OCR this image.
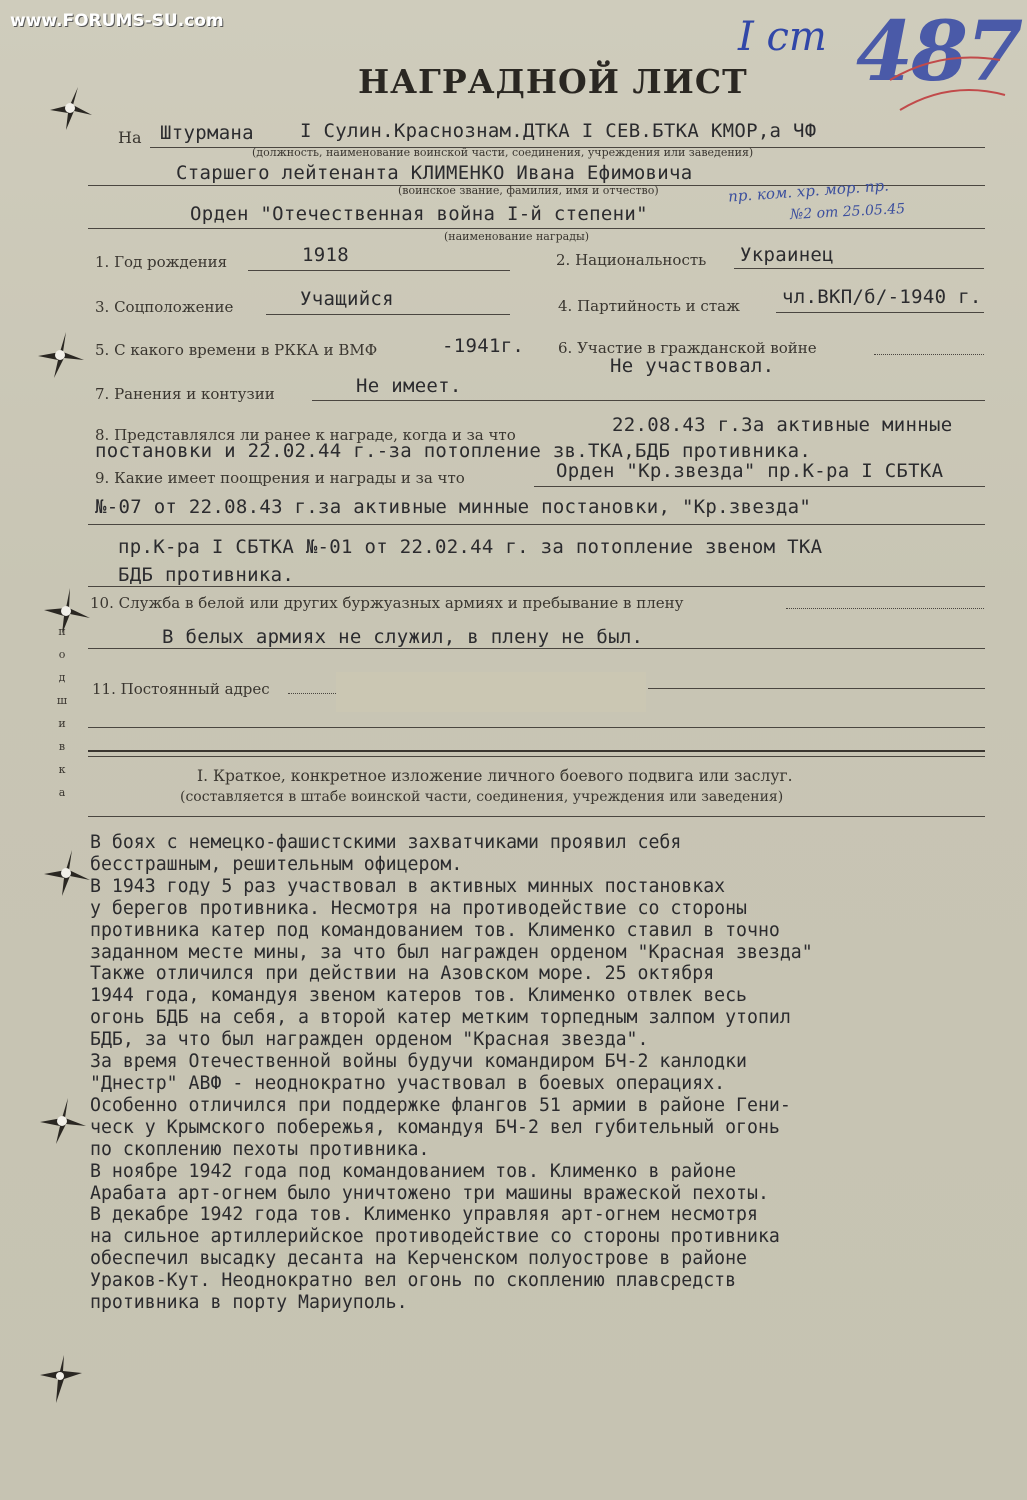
www.FORUMS-SU.com	I ст 487
НАГРАДНОЙ ЛИСТ
На Штурмана I Сулин.Краснознам.ДТКА I СЕВ.БТКА КМОР,а ЧФ
(должность, наименование воинской части, соединения, учреждения или заведения)
Старшего лейтенанта КЛИМЕНКО Ивана Ефимовича
(воинское звание, фамилия, имя и отчество)	пр. ком. хр. мор. пр.
Орден "Отечественная война I-й степени"	№2 от 25.05.45
(наименование награды)
1. Год рождения	1918	2. Национальность Украинец
3. Соцположение	Учащийся	4. Партийность и стаж чл.ВКП/б/-1940 г.
5. С какого времени в РККА и ВМФ	-1941г. 6. Участие в гражданской войне
Не участвовал.
7. Ранения и контузии	Не имеет.
8. Представлялся ли ранее к награде, когда и за что	22.08.43 г.За активные минные
постановки и 22.02.44 г.-за потопление зв.ТКА,БДБ противника.
9. Какие имеет поощрения и награды и за что	Орден "Кр.звезда" пр.К-ра I СБТКА
№-07 от 22.08.43 г.за активные минные постановки, "Кр.звезда"
пр.К-ра I СБТКА №-01 от 22.02.44 г. за потопление звеном ТКА
БДБ противника.
10. Служба в белой или других буржуазных армиях и пребывание в плену
В белых армиях не служил, в плену не был.
11. Постоянный адрес
I. Краткое, конкретное изложение личного боевого подвига или заслуг.
(составляется в штабе воинской части, соединения, учреждения или заведения)
п
о
д
ш
и
в
к
а
В боях с немецко-фашистскими захватчиками проявил себя
бесстрашным, решительным офицером.
В 1943 году 5 раз участвовал в активных минных постановках
у берегов противника. Несмотря на противодействие со стороны
противника катер под командованием тов. Клименко ставил в точно
заданном месте мины, за что был награжден орденом "Красная звезда"
Также отличился при действии на Азовском море. 25 октября
1944 года, командуя звеном катеров тов. Клименко отвлек весь
огонь БДБ на себя, а второй катер метким торпедным залпом утопил
БДБ, за что был награжден орденом "Красная звезда".
За время Отечественной войны будучи командиром БЧ-2 канлодки
"Днестр" АВФ - неоднократно участвовал в боевых операциях.
Особенно отличился при поддержке флангов 51 армии в районе Гени-
ческ у Крымского побережья, командуя БЧ-2 вел губительный огонь
по скоплению пехоты противника.
В ноябре 1942 года под командованием тов. Клименко в районе
Арабата арт-огнем было уничтожено три машины вражеской пехоты.
В декабре 1942 года тов. Клименко управляя арт-огнем несмотря
на сильное артиллерийское противодействие со стороны противника
обеспечил высадку десанта на Керченском полуострове в районе
Ураков-Кут. Неоднократно вел огонь по скоплению плавсредств
противника в порту Мариуполь.
